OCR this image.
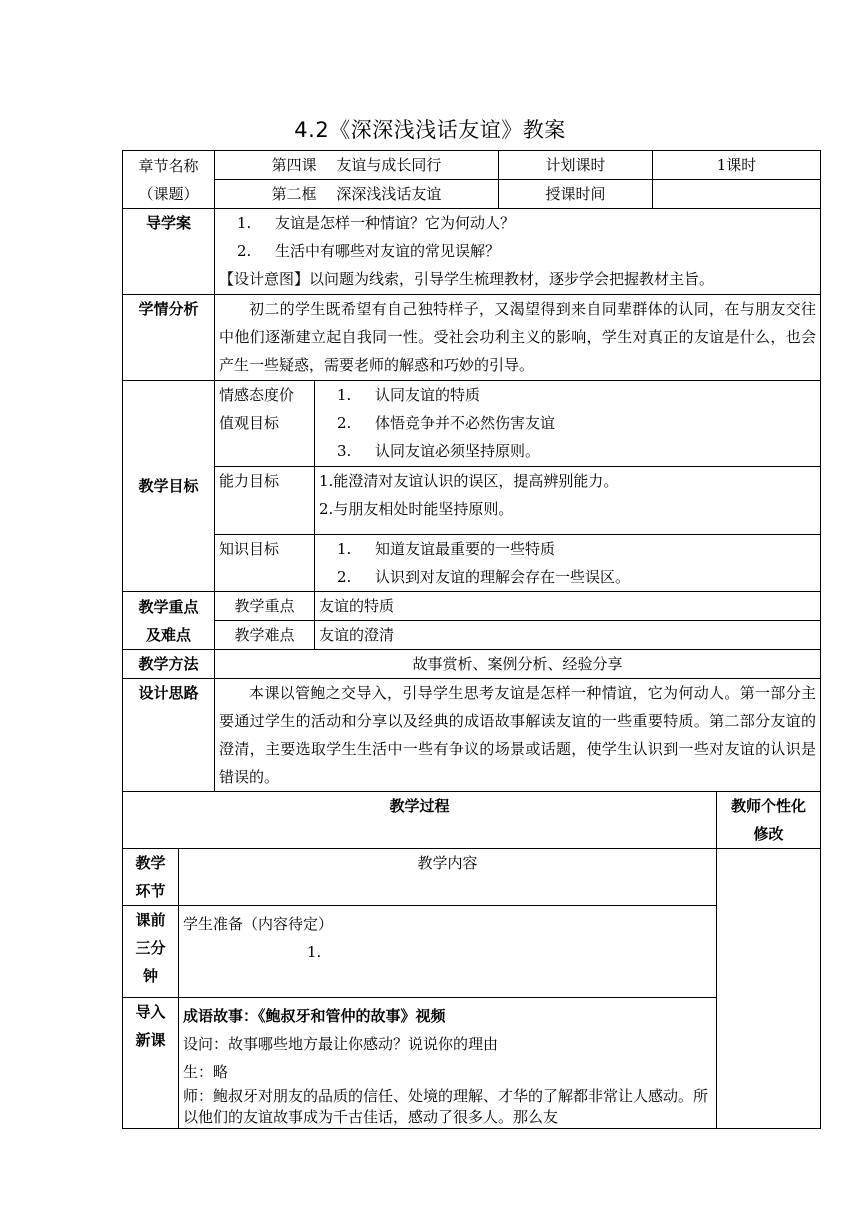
4.2《深深浅浅话友谊》教案
章节名称
（课题）		第四课　 友谊与成长同行		计划课时	1课时	
		第二框　 深深浅浅话友谊		授课时间		
导学案		1. 友谊是怎样一种情谊？它为何动人？
2. 生活中有哪些对友谊的常见误解？
【设计意图】以问题为线索，引导学生梳理教材，逐步学会把握教材主旨。				

学情分析		初二的学生既希望有自己独特样子，又渴望得到来自同辈群体的认同，在与朋友交往中他们逐渐建立起自我同一性。受社会功利主义的影响，学生对真正的友谊是什么，也会产生一些疑惑，需要老师的解惑和巧妙的引导。				
教学目标		情感态度价
值观目标	1. 认同友谊的特质
2. 体悟竞争并不必然伤害友谊
3. 认同友谊必须坚持原则。			

		能力目标	1.能澄清对友谊认识的误区，提高辨别能力。
2.与朋友相处时能坚持原则。			

		知识目标	1. 知道友谊最重要的一些特质
2. 认识到对友谊的理解会存在一些误区。			

教学重点
及难点		教学重点	友谊的特质			
		教学难点	友谊的澄清			
教学方法		故事赏析、案例分析、经验分享				
设计思路		本课以管鲍之交导入，引导学生思考友谊是怎样一种情谊，它为何动人。第一部分主要通过学生的活动和分享以及经典的成语故事解读友谊的一些重要特质。第二部分友谊的澄清，主要选取学生生活中一些有争议的场景或话题，使学生认识到一些对友谊的认识是错误的。				
教学过程						教师个性化
修改

教学
环节	教学内容					

课前
三分
钟	学生准备（内容待定）
1.					

导入
新课	成语故事：《鲍叔牙和管仲的故事》视频
设问：故事哪些地方最让你感动？说说你的理由
生：略
师：鲍叔牙对朋友的品质的信任、处境的理解、才华的了解都非常让人感动。所以他们的友谊故事成为千古佳话，感动了很多人。那么友					
